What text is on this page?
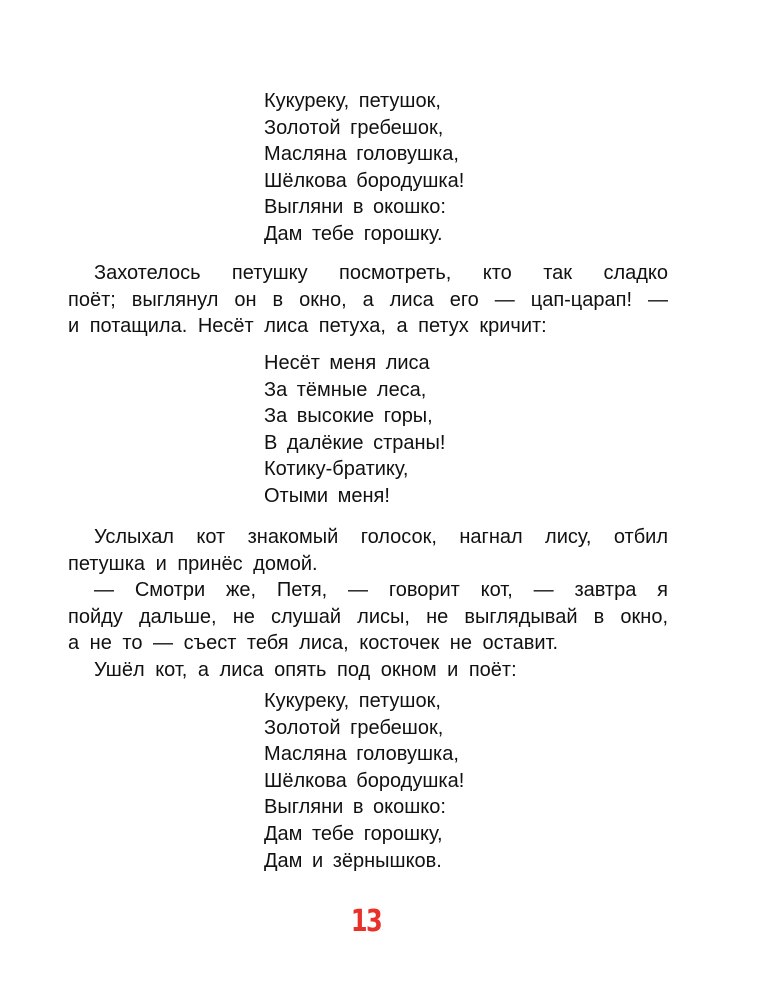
Кукуреку, петушок,
Золотой гребешок,
Масляна головушка,
Шёлкова бородушка!
Выгляни в окошко:
Дам тебе горошку.
Захотелось петушку посмотреть, кто так сладко
поёт; выглянул он в окно, а лиса его — цап-царап! —
и потащила. Несёт лиса петуха, а петух кричит:
Несёт меня лиса
За тёмные леса,
За высокие горы,
В далёкие страны!
Котику-братику,
Отыми меня!
Услыхал кот знакомый голосок, нагнал лису, отбил
петушка и принёс домой.
— Смотри же, Петя, — говорит кот, — завтра я
пойду дальше, не слушай лисы, не выглядывай в окно,
а не то — съест тебя лиса, косточек не оставит.
Ушёл кот, а лиса опять под окном и поёт:
Кукуреку, петушок,
Золотой гребешок,
Масляна головушка,
Шёлкова бородушка!
Выгляни в окошко:
Дам тебе горошку,
Дам и зёрнышков.
13
